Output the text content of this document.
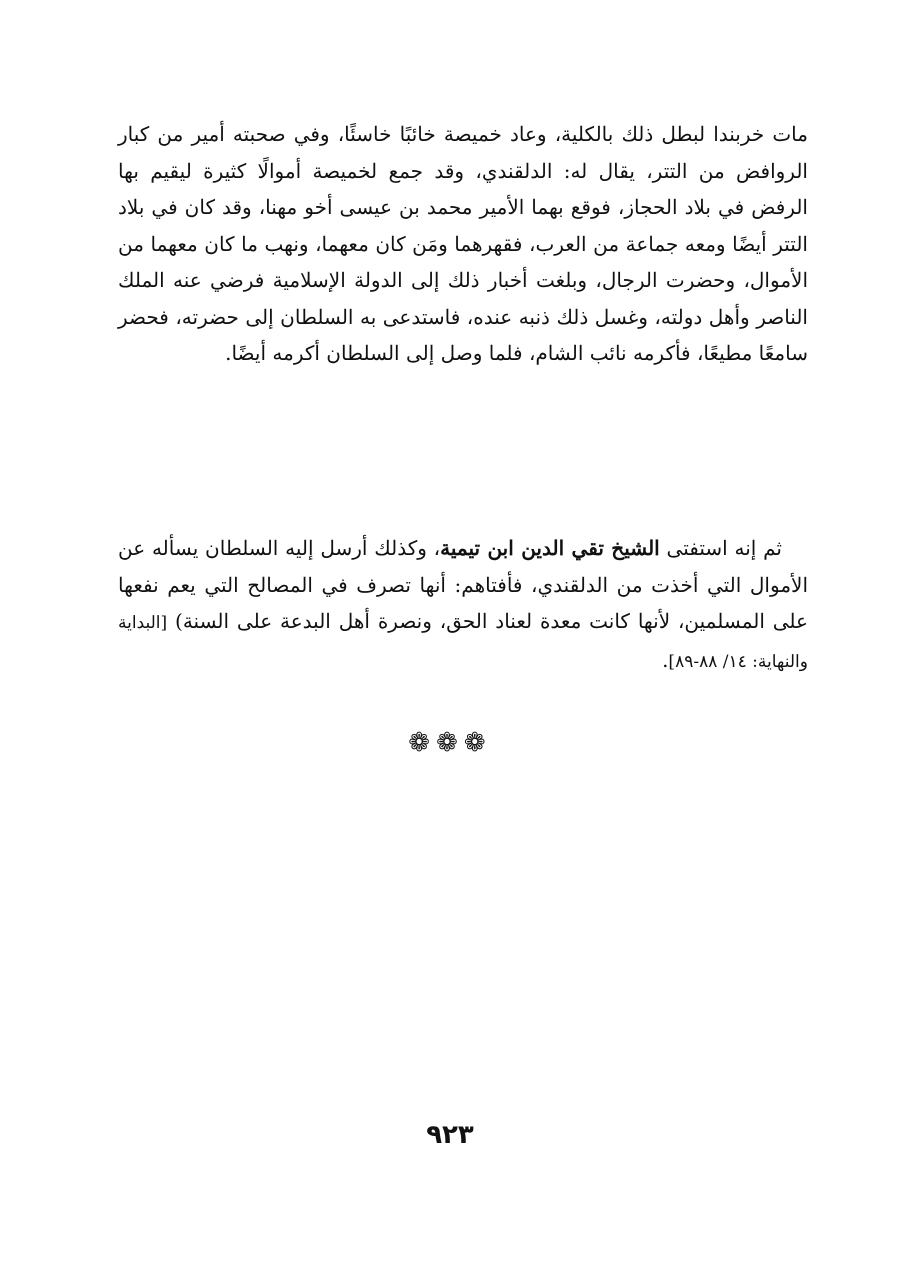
مات خربندا لبطل ذلك بالكلية، وعاد خميصة خائبًا خاسئًا، وفي صحبته أمير من كبار الروافض من التتر، يقال له: الدلقندي، وقد جمع لخميصة أموالًا كثيرة ليقيم بها الرفض في بلاد الحجاز، فوقع بهما الأمير محمد بن عيسى أخو مهنا، وقد كان في بلاد التتر أيضًا ومعه جماعة من العرب، فقهرهما ومَن كان معهما، ونهب ما كان معهما من الأموال، وحضرت الرجال، وبلغت أخبار ذلك إلى الدولة الإسلامية فرضي عنه الملك الناصر وأهل دولته، وغسل ذلك ذنبه عنده، فاستدعى به السلطان إلى حضرته، فحضر سامعًا مطيعًا، فأكرمه نائب الشام، فلما وصل إلى السلطان أكرمه أيضًا.

ثم إنه استفتى الشيخ تقي الدين ابن تيمية، وكذلك أرسل إليه السلطان يسأله عن الأموال التي أخذت من الدلقندي، فأفتاهم: أنها تصرف في المصالح التي يعم نفعها على المسلمين، لأنها كانت معدة لعناد الحق، ونصرة أهل البدعة على السنة) [البداية والنهاية: ١٤/ ٨٨-٨٩].

❁❁❁
٩٢٣
